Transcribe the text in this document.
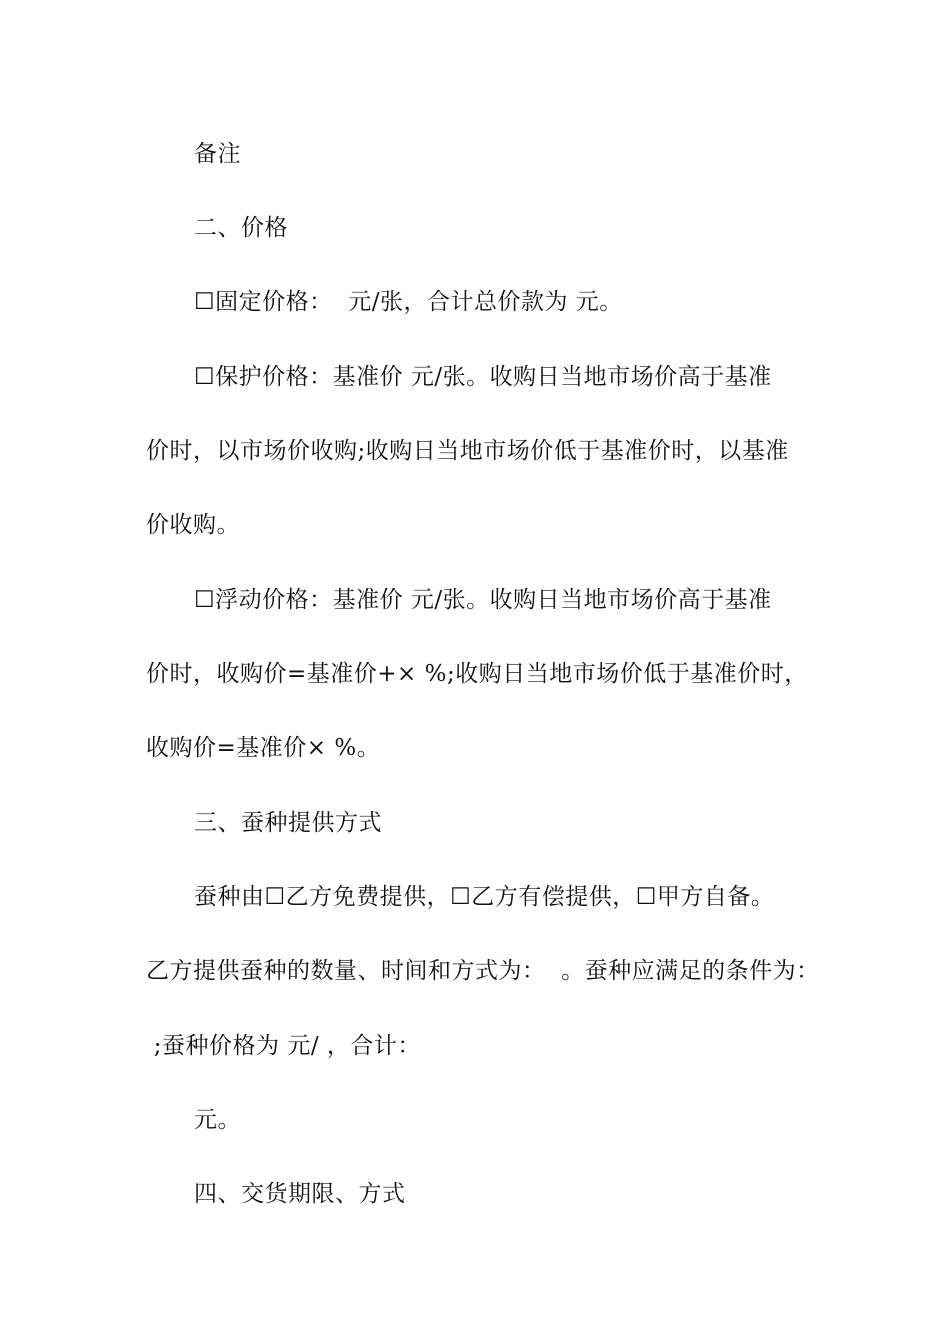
备注
二、价格
☐固定价格：  元/张，合计总价款为 元。
☐保护价格：基准价 元/张。收购日当地市场价高于基准
价时，以市场价收购;收购日当地市场价低于基准价时，以基准
价收购。
☐浮动价格：基准价 元/张。收购日当地市场价高于基准
价时，收购价=基准价+× %;收购日当地市场价低于基准价时，
收购价=基准价× %。
三、蚕种提供方式
蚕种由☐乙方免费提供，☐乙方有偿提供，☐甲方自备。
乙方提供蚕种的数量、时间和方式为：  。蚕种应满足的条件为：
;蚕种价格为 元/ ，合计：
元。
四、交货期限、方式
